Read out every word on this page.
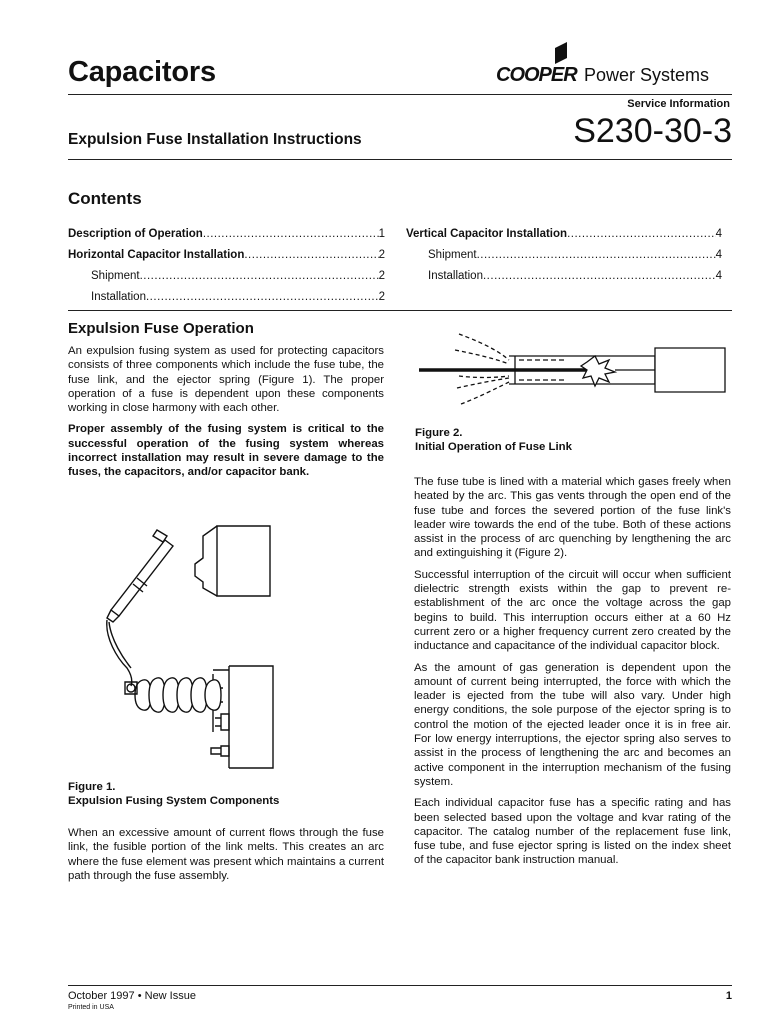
Capacitors	COOPER Power Systems
Service Information
Expulsion Fuse Installation Instructions	S230-30-3
Contents
Description of Operation .....	1
Horizontal Capacitor Installation .....	2
Shipment .....	2
Installation .....	2
Vertical Capacitor Installation .....	4
Shipment .....	4
Installation .....	4
Expulsion Fuse Operation

An expulsion fusing system as used for protecting capacitors consists of three components which include the fuse tube, the fuse link, and the ejector spring (Figure 1). The proper operation of a fuse is dependent upon these components working in close harmony with each other.

Proper assembly of the fusing system is critical to the successful operation of the fusing system whereas incorrect installation may result in severe damage to the fuses, the capacitors, and/or capacitor bank.

Figure 1.
Expulsion Fusing System Components

When an excessive amount of current flows through the fuse link, the fusible portion of the link melts. This creates an arc where the fuse element was present which maintains a current path through the fuse assembly.

Figure 2.
Initial Operation of Fuse Link

The fuse tube is lined with a material which gases freely when heated by the arc. This gas vents through the open end of the fuse tube and forces the severed portion of the fuse link's leader wire towards the end of the tube. Both of these actions assist in the process of arc quenching by lengthening the arc and extinguishing it (Figure 2).

Successful interruption of the circuit will occur when sufficient dielectric strength exists within the gap to prevent re-establishment of the arc once the voltage across the gap begins to build. This interruption occurs either at a 60 Hz current zero or a higher frequency current zero created by the inductance and capacitance of the individual capacitor block.

As the amount of gas generation is dependent upon the amount of current being interrupted, the force with which the leader is ejected from the tube will also vary. Under high energy conditions, the sole purpose of the ejector spring is to control the motion of the ejected leader once it is in free air. For low energy interruptions, the ejector spring also serves to assist in the process of lengthening the arc and becomes an active component in the interruption mechanism of the fusing system.

Each individual capacitor fuse has a specific rating and has been selected based upon the voltage and kvar rating of the capacitor. The catalog number of the replacement fuse link, fuse tube, and fuse ejector spring is listed on the index sheet of the capacitor bank instruction manual.

October 1997 • New Issue
Printed in USA
1
